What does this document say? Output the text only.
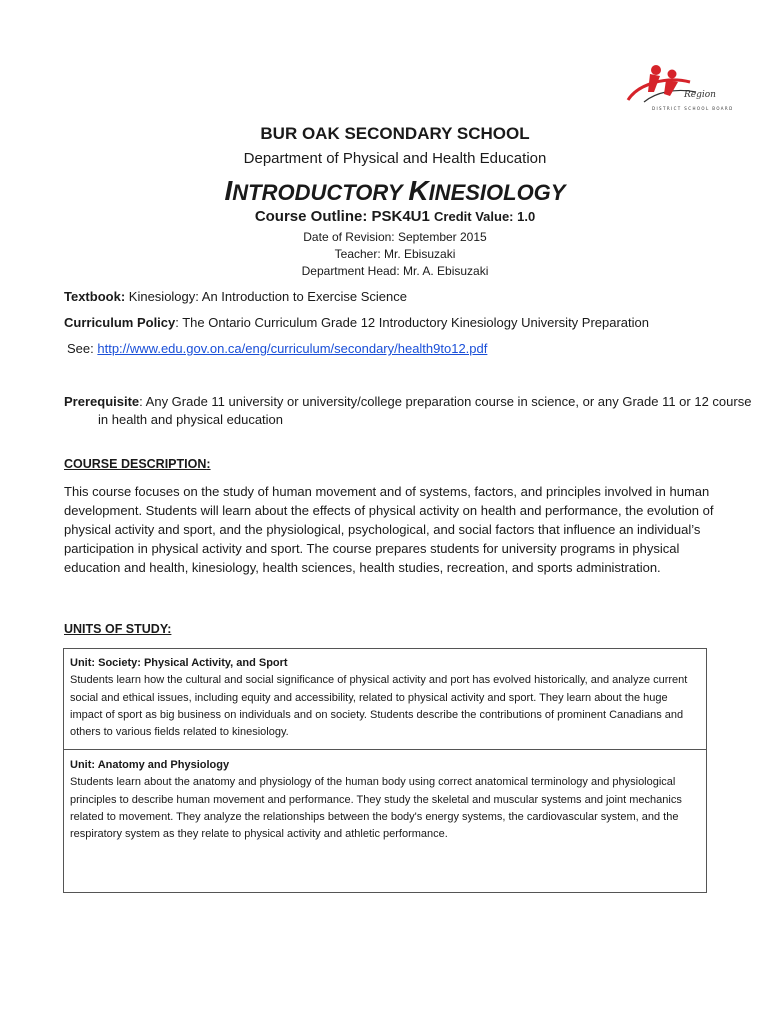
Region
DISTRICT SCHOOL BOARD
BUR OAK SECONDARY SCHOOL
Department of Physical and Health Education
INTRODUCTORY KINESIOLOGY
Course Outline: PSK4U1 Credit Value: 1.0
Date of Revision: September 2015
Teacher: Mr. Ebisuzaki
Department Head: Mr. A. Ebisuzaki
Textbook: Kinesiology: An Introduction to Exercise Science
Curriculum Policy: The Ontario Curriculum Grade 12 Introductory Kinesiology University Preparation
See: http://www.edu.gov.on.ca/eng/curriculum/secondary/health9to12.pdf
Prerequisite: Any Grade 11 university or university/college preparation course in science, or any Grade 11 or 12 course in health and physical education
COURSE DESCRIPTION:
This course focuses on the study of human movement and of systems, factors, and principles involved in human development. Students will learn about the effects of physical activity on health and performance, the evolution of physical activity and sport, and the physiological, psychological, and social factors that influence an individual’s participation in physical activity and sport. The course prepares students for university programs in physical education and health, kinesiology, health sciences, health studies, recreation, and sports administration.
UNITS OF STUDY:
Unit: Society: Physical Activity, and Sport
Students learn how the cultural and social significance of physical activity and port has evolved historically, and analyze current social and ethical issues, including equity and accessibility, related to physical activity and sport. They learn about the huge impact of sport as big business on individuals and on society. Students describe the contributions of prominent Canadians and others to various fields related to kinesiology.
Unit: Anatomy and Physiology
Students learn about the anatomy and physiology of the human body using correct anatomical terminology and physiological principles to describe human movement and performance. They study the skeletal and muscular systems and joint mechanics related to movement. They analyze the relationships between the body's energy systems, the cardiovascular system, and the respiratory system as they relate to physical activity and athletic performance.
